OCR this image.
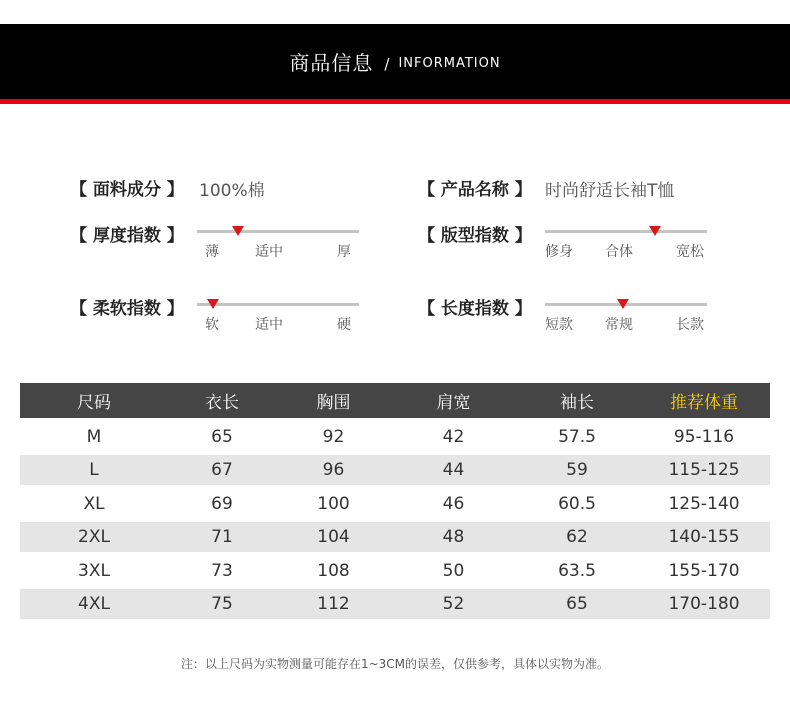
商品信息 / INFORMATION
【 面料成分 】 100%棉	【 产品名称 】 时尚舒适长袖T恤
【 厚度指数 】
薄	适中	厚
【 版型指数 】
修身 合体	宽松
【 柔软指数 】
软	适中	硬
【 长度指数 】
短款 常规	长款
尺码	衣长	胸围	肩宽	袖长	推荐体重
M	65	92	42	57.5	95-116
L	67	96	44	59	115-125
XL	69	100	46	60.5	125-140
2XL	71	104	48	62	140-155
3XL	73	108	50	63.5	155-170
4XL	75	112	52	65	170-180
注：以上尺码为实物测量可能存在1~3CM的误差，仅供参考，具体以实物为准。
